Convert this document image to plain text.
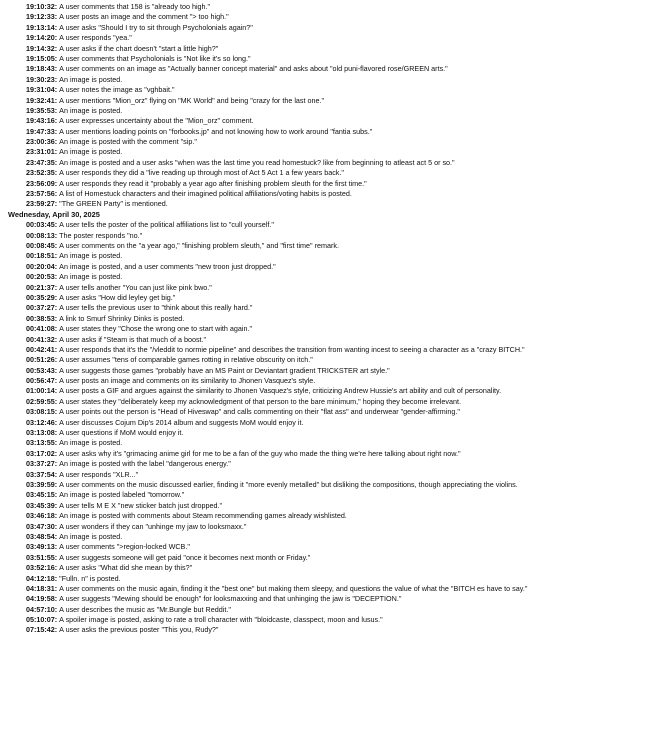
• 19:10:32: A user comments that 158 is "already too high."
• 19:12:33: A user posts an image and the comment "> too high."
• 19:13:14: A user asks "Should I try to sit through Psycholonials again?"
• 19:14:20: A user responds "yea."
• 19:14:32: A user asks if the chart doesn't "start a little high?"
• 19:15:05: A user comments that Psycholonials is "Not like it's so long."
• 19:18:43: A user comments on an image as "Actually banner concept material" and asks about "old puni-flavored rose/GREEN arts."
• 19:30:23: An image is posted.
• 19:31:04: A user notes the image as "vghbait."
• 19:32:41: A user mentions "Mion_orz" flying on "MK World" and being "crazy for the last one."
• 19:35:53: An image is posted.
• 19:43:16: A user expresses uncertainty about the "Mion_orz" comment.
• 19:47:33: A user mentions loading points on "forbooks.jp" and not knowing how to work around "fantia subs."
• 23:00:36: An image is posted with the comment "sip."
• 23:31:01: An image is posted.
• 23:47:35: An image is posted and a user asks "when was the last time you read homestuck? like from beginning to atleast act 5 or so."
• 23:52:35: A user responds they did a "live reading up through most of Act 5 Act 1 a few years back."
• 23:56:09: A user responds they read it "probably a year ago after finishing problem sleuth for the first time."
• 23:57:56: A list of Homestuck characters and their imagined political affiliations/voting habits is posted.
• 23:59:27: "The GREEN Party" is mentioned.
Wednesday, April 30, 2025
• 00:03:45: A user tells the poster of the political affiliations list to "cull yourself."
• 00:08:13: The poster responds "no."
• 00:08:45: A user comments on the "a year ago," "finishing problem sleuth," and "first time" remark.
• 00:18:51: An image is posted.
• 00:20:04: An image is posted, and a user comments "new troon just dropped."
• 00:20:53: An image is posted.
• 00:21:37: A user tells another "You can just like pink bwo."
• 00:35:29: A user asks "How did leyley get big."
• 00:37:27: A user tells the previous user to "think about this really hard."
• 00:38:53: A link to Smurf Shrinky Dinks is posted.
• 00:41:08: A user states they "Chose the wrong one to start with again."
• 00:41:32: A user asks if "Steam is that much of a boost."
• 00:42:41: A user responds that it's the "/vleddit to normie pipeline" and describes the transition from wanting incest to seeing a character as a "crazy BITCH."
• 00:51:26: A user assumes "tens of comparable games rotting in relative obscurity on itch."
• 00:53:43: A user suggests those games "probably have an MS Paint or Deviantart gradient TRICKSTER art style."
• 00:56:47: A user posts an image and comments on its similarity to Jhonen Vasquez's style.
• 01:00:14: A user posts a GIF and argues against the similarity to Jhonen Vasquez's style, criticizing Andrew Hussie's art ability and cult of personality.
• 02:59:55: A user states they "deliberately keep my acknowledgment of that person to the bare minimum," hoping they become irrelevant.
• 03:08:15: A user points out the person is "Head of Hiveswap" and calls commenting on their "flat ass" and underwear "gender-affirming."
• 03:12:46: A user discusses Cojum Dip's 2014 album and suggests MoM would enjoy it.
• 03:13:08: A user questions if MoM would enjoy it.
• 03:13:55: An image is posted.
• 03:17:02: A user asks why it's "grimacing anime girl for me to be a fan of the guy who made the thing we're here talking about right now."
• 03:37:27: An image is posted with the label "dangerous energy."
• 03:37:54: A user responds "XLR..."
• 03:39:59: A user comments on the music discussed earlier, finding it "more evenly metalled" but disliking the compositions, though appreciating the violins.
• 03:45:15: An image is posted labeled "tomorrow."
• 03:45:39: A user tells M E X "new sticker batch just dropped."
• 03:46:18: An image is posted with comments about Steam recommending games already wishlisted.
• 03:47:30: A user wonders if they can "unhinge my jaw to looksmaxx."
• 03:48:54: An image is posted.
• 03:49:13: A user comments ">region-locked WCB."
• 03:51:55: A user suggests someone will get paid "once it becomes next month or Friday."
• 03:52:16: A user asks "What did she mean by this?"
• 04:12:18: "Fulln. n" is posted.
• 04:18:31: A user comments on the music again, finding it the "best one" but making them sleepy, and questions the value of what the "BITCH es have to say."
• 04:19:58: A user suggests "Mewing should be enough" for looksmaxxing and that unhinging the jaw is "DECEPTION."
• 04:57:10: A user describes the music as "Mr.Bungle but Reddit."
• 05:10:07: A spoiler image is posted, asking to rate a troll character with "bloidcaste, classpect, moon and lusus."
• 07:15:42: A user asks the previous poster "This you, Rudy?"
